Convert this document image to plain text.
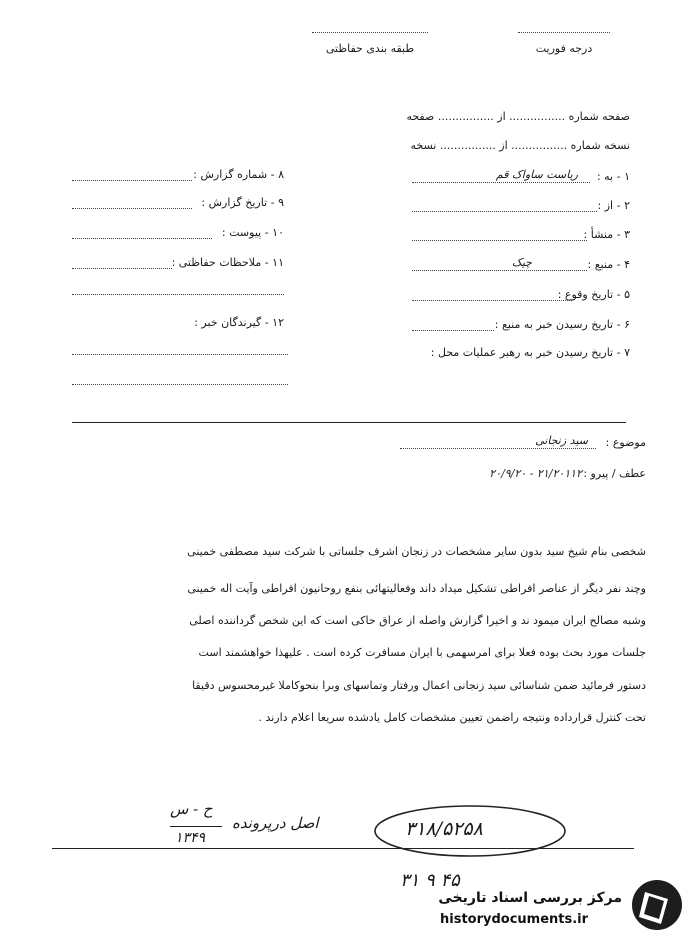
درجه فوریت
طبقه بندی حفاظتی
صفحه شماره ................ از ................ صفحه
نسخه شماره ................ از ................ نسخه
۱ - به :
ریاست ساواک قم
۲ - از :
۳ - منشأ :
۴ - منبع :
چیک
۵ - تاریخ وقوع :
۶ - تاریخ رسیدن خبر به منبع :
۷ - تاریخ رسیدن خبر به رهبر عملیات محل :
۸ - شماره گزارش :
۹ - تاریخ گزارش :
۱۰ - پیوست :
۱۱ - ملاحظات حفاظتی :
۱۲ - گیرندگان خبر :
موضوع :
سید زنجانی
عطف / پیرو :
۲۰/۹/۲۰ - ۲۱/۲۰۱۱۲
شخصی بنام شیخ سید بدون سایر مشخصات در زنجان اشرف جلساتی با شرکت سید مصطفی خمینی
وچند نفر دیگر از عناصر افراطی تشکیل میداد داند وفعالیتهائی بنفع روحانیون افراطی وآیت اله خمینی
وشبه مصالح ایران میمود ند و اخیرا گزارش واصله از عراق حاکی است که این شخص گرداننده اصلی
جلسات مورد بحث بوده فعلا برای امرسهمی با ایران مسافرت کرده است . علیهذا خواهشمند است
دستور فرمائید ضمن شناسائی سید زنجانی اعمال ورفتار وتماسهای وبرا بنحوکاملا غیرمحسوس دقیقا
تحت کنترل قرارداده ونتیجه راضمن تعیین مشخصات کامل یادشده سریعا اعلام دارند .
ح - س
۱۳۴۹
اصل درپرونده	۳۱۸/۵۲۵۸
۳۱ ۹ ۴۵
مرکز بررسی اسناد تاریخی
historydocuments.ir
